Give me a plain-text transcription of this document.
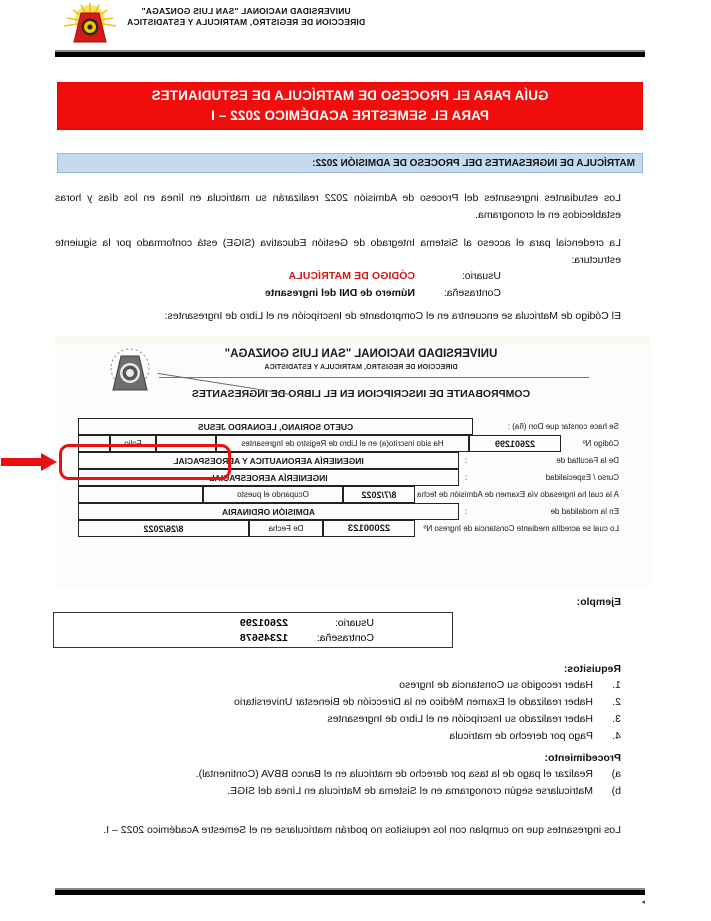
UNIVERSIDAD NACIONAL "SAN LUIS GONZAGA"
DIRECCION DE REGISTRO, MATRICULA Y ESTADISTICA
GUÍA PARA EL PROCESO DE MATRÍCULA DE ESTUDIANTES
PARA EL SEMESTRE ACADÉMICO 2022 – I
MATRÍCULA DE INGRESANTES DEL PROCESO DE ADMISIÓN 2022:
Los estudiantes ingresantes del Proceso de Admisión 2022 realizarán su matricula en línea en los días y horas establecidos en el cronograma.
La credencial para el acceso al Sistema Integrado de Gestión Educativa (SIGE) está conformado por la siguiente estructura:
Usuario:
CÓDIGO DE MATRÍCULA
Contraseña:
Número de DNI del ingresante
El Código de Matricula se encuentra en el Comprobante de Inscripción en el Libro de Ingresantes:
UNIVERSIDAD NACIONAL "SAN LUIS GONZAGA"
DIRECCION DE REGISTRO, MATRICULA Y ESTADISTICA
COMPROBANTE DE INSCRIPCION EN EL LIBRO DE INGRESANTES
Se hace constar que Don (ña) :
CUETO SORIANO, LEONARDO JESUS
Código Nº
22601299
Ha sido inscrito(a) en el Libro de Registro de Ingresantes
Folio
De la Facultad de
:
INGENIERÍA AERONAUTICA Y AEROESPACIAL
Curso / Especialidad
:
INGENIERÍA AEROESPACIAL
A la cual ha ingresado vía Examen de Admisión de fecha
8/7/2022
Ocupando el puesto
En la modalidad de
:
ADMISIÓN ORDINARIA
Lo cual se acredita mediante Constancia de Ingreso Nº
22000123
De Fecha
8/26/2022
Ejemplo:
Usuario:
22601299
Contraseña:
12345678
Requisitos:
1.
Haber recogido su Constancia de Ingreso
2.
Haber realizado el Examen Médico en la Dirección de Bienestar Universitario
3.
Haber realizado su Inscripción en el Libro de Ingresantes
4.
Pago por derecho de matricula
Procedimiento:
a)
Realizar el pago de la tasa por derecho de matricula en el Banco BBVA (Continental).
b)
Matricularse según cronograma en el Sistema de Matricula en Línea del SIGE.
Los ingresantes que no cumplan con los requisitos no podrán matricularse en el Semestre Académico 2022 – I.
▸
